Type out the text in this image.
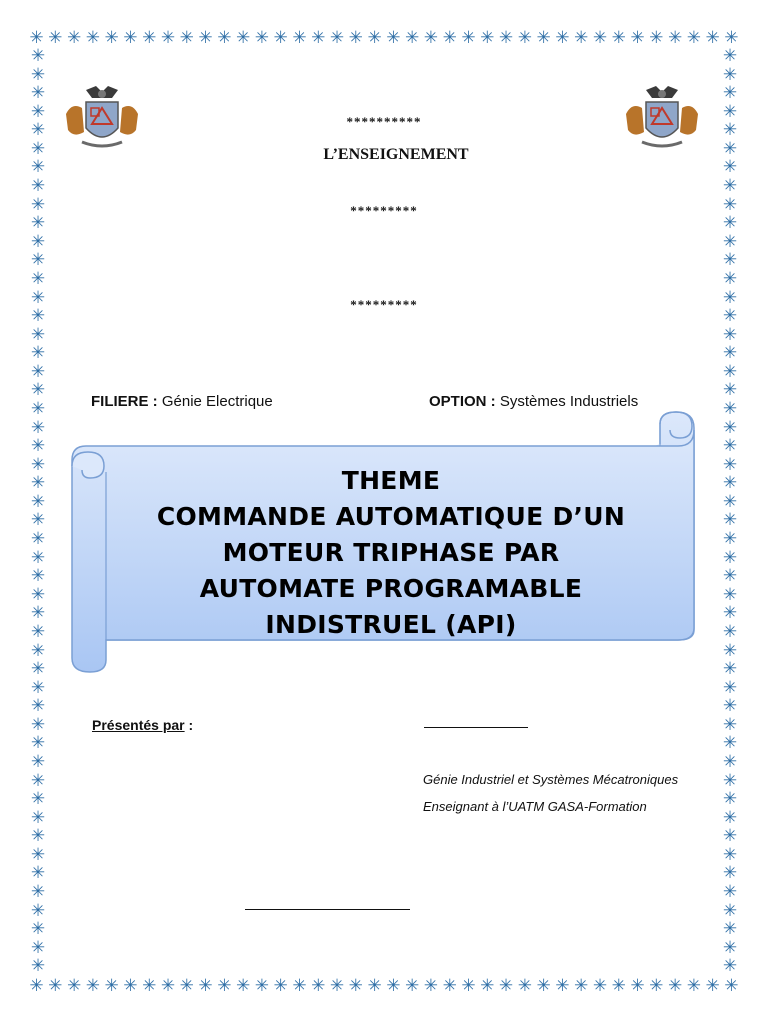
✳ ✳ ✳ ✳ ✳ ✳ ✳ ✳ ✳ ✳ ✳ ✳ ✳ ✳ ✳ ✳ ✳ ✳ ✳ ✳ ✳ ✳ ✳ ✳ ✳ ✳ ✳ ✳ ✳ ✳ ✳ ✳ ✳ ✳ ✳ ✳ ✳ ✳
✳ ✳ ✳ ✳ ✳ ✳ ✳ ✳ ✳ ✳ ✳ ✳ ✳ ✳ ✳ ✳ ✳ ✳ ✳ ✳ ✳ ✳ ✳ ✳ ✳ ✳ ✳ ✳ ✳ ✳ ✳ ✳ ✳ ✳ ✳ ✳ ✳ ✳
✳
✳
✳
✳
✳
✳
✳
✳
✳
✳
✳
✳
✳
✳
✳
✳
✳
✳
✳
✳
✳
✳
✳
✳
✳
✳
✳
✳
✳
✳
✳
✳
✳
✳
✳
✳
✳
✳
✳
✳
✳
✳
✳
✳
✳
✳
✳
✳
✳
✳
✳
✳
✳
✳
✳
✳
✳
✳
✳
✳
✳
✳
✳
✳
✳
✳
✳
✳
✳
✳
✳
✳
✳
✳
✳
✳
✳
✳
✳
✳
✳
✳
✳
✳
✳
✳
✳
✳
✳
✳
✳
✳
✳
✳
✳
✳
✳
✳
✳
✳
**********
L’ENSEIGNEMENT
*********
*********
FILIERE : Génie Electrique	OPTION : Systèmes Industriels
THEME
COMMANDE AUTOMATIQUE D’UN
MOTEUR TRIPHASE PAR
AUTOMATE PROGRAMABLE
INDISTRUEL (API)
Présentés par :
Génie Industriel et Systèmes Mécatroniques
Enseignant à l’UATM GASA-Formation
